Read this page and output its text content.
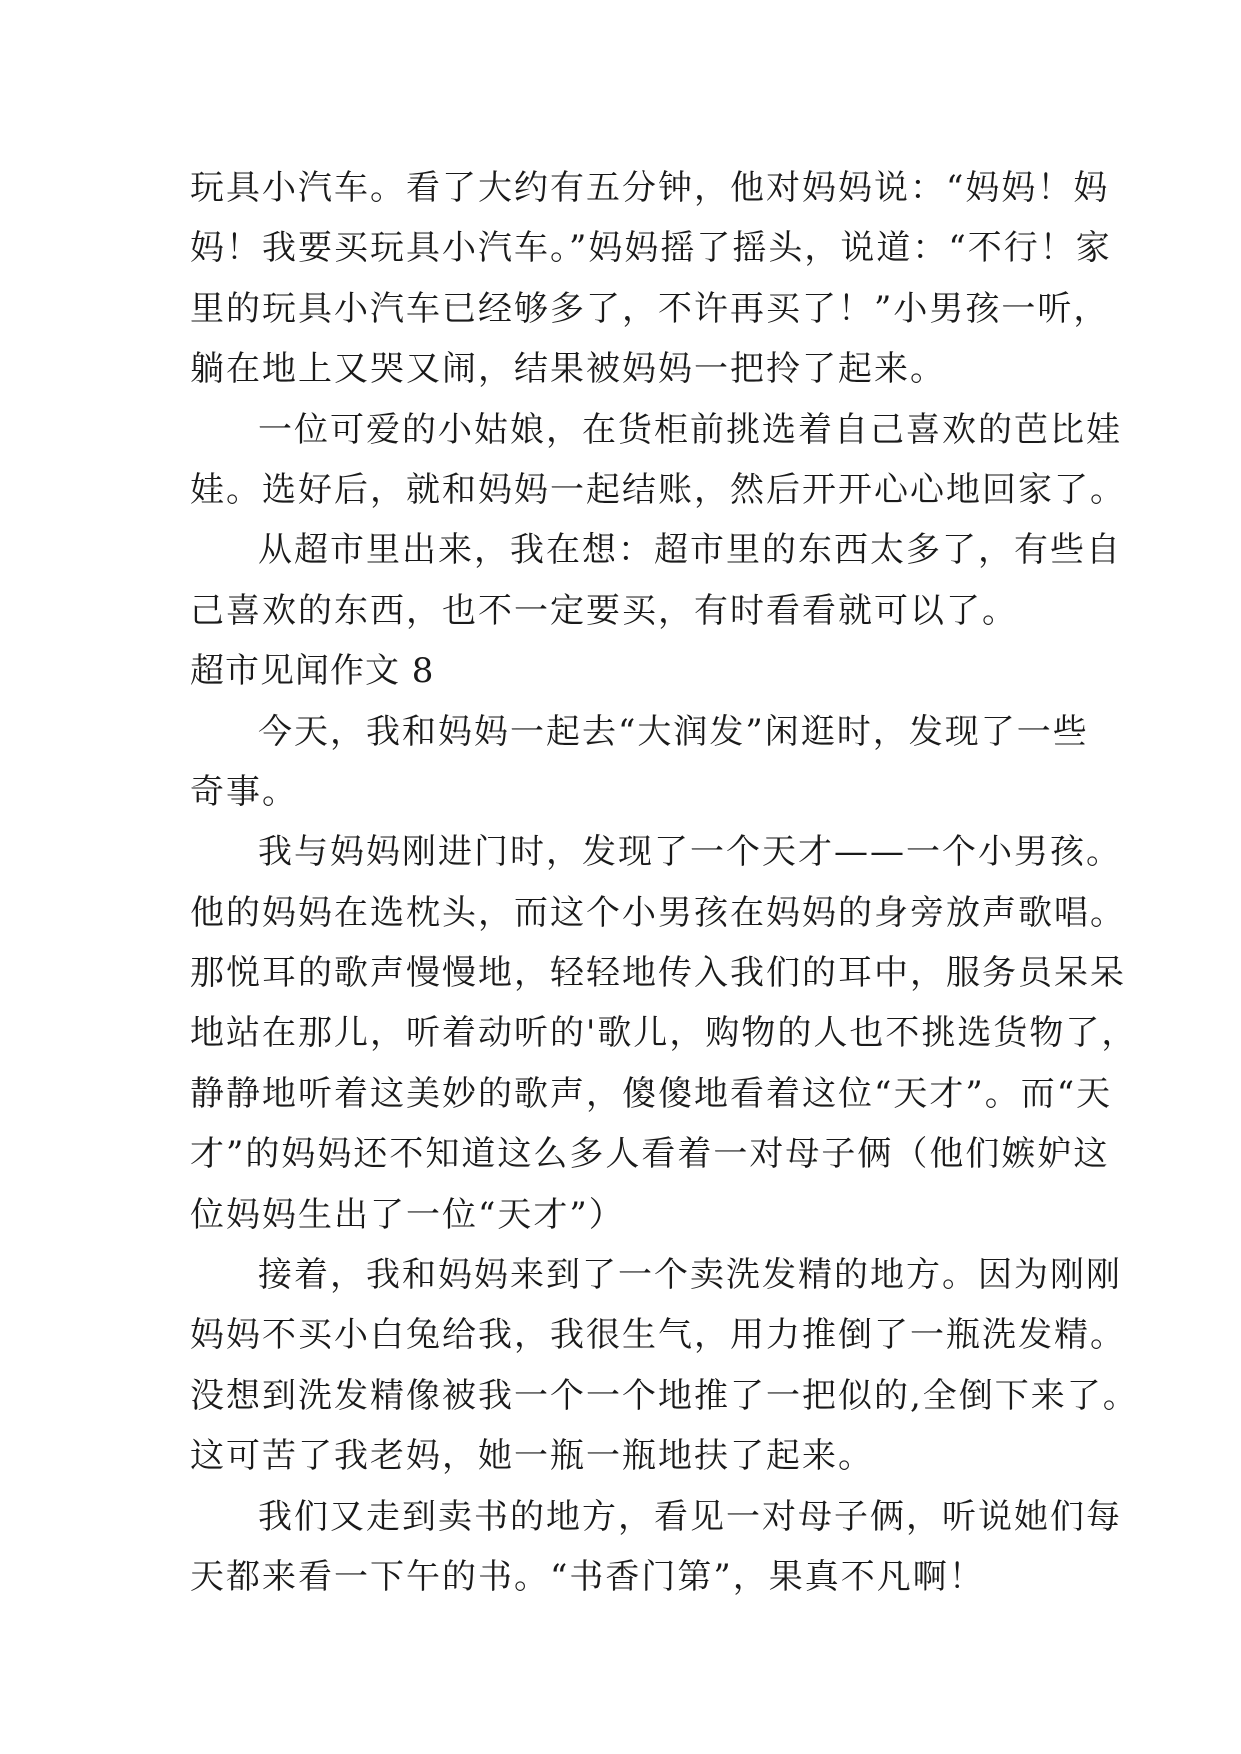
玩具小汽车。看了大约有五分钟，他对妈妈说：“妈妈！妈
妈！我要买玩具小汽车。”妈妈摇了摇头，说道：“不行！家
里的玩具小汽车已经够多了，不许再买了！”小男孩一听，
躺在地上又哭又闹，结果被妈妈一把拎了起来。
一位可爱的小姑娘，在货柜前挑选着自己喜欢的芭比娃
娃。选好后，就和妈妈一起结账，然后开开心心地回家了。
从超市里出来，我在想：超市里的东西太多了，有些自
己喜欢的东西，也不一定要买，有时看看就可以了。
超市见闻作文 8
今天，我和妈妈一起去“大润发”闲逛时，发现了一些
奇事。
我与妈妈刚进门时，发现了一个天才——一个小男孩。
他的妈妈在选枕头，而这个小男孩在妈妈的身旁放声歌唱。
那悦耳的歌声慢慢地，轻轻地传入我们的耳中，服务员呆呆
地站在那儿，听着动听的'歌儿，购物的人也不挑选货物了，
静静地听着这美妙的歌声，傻傻地看着这位“天才”。而“天
才”的妈妈还不知道这么多人看着一对母子俩（他们嫉妒这
位妈妈生出了一位“天才”）
接着，我和妈妈来到了一个卖洗发精的地方。因为刚刚
妈妈不买小白兔给我，我很生气，用力推倒了一瓶洗发精。
没想到洗发精像被我一个一个地推了一把似的,全倒下来了。
这可苦了我老妈，她一瓶一瓶地扶了起来。
我们又走到卖书的地方，看见一对母子俩，听说她们每
天都来看一下午的书。“书香门第”，果真不凡啊！
